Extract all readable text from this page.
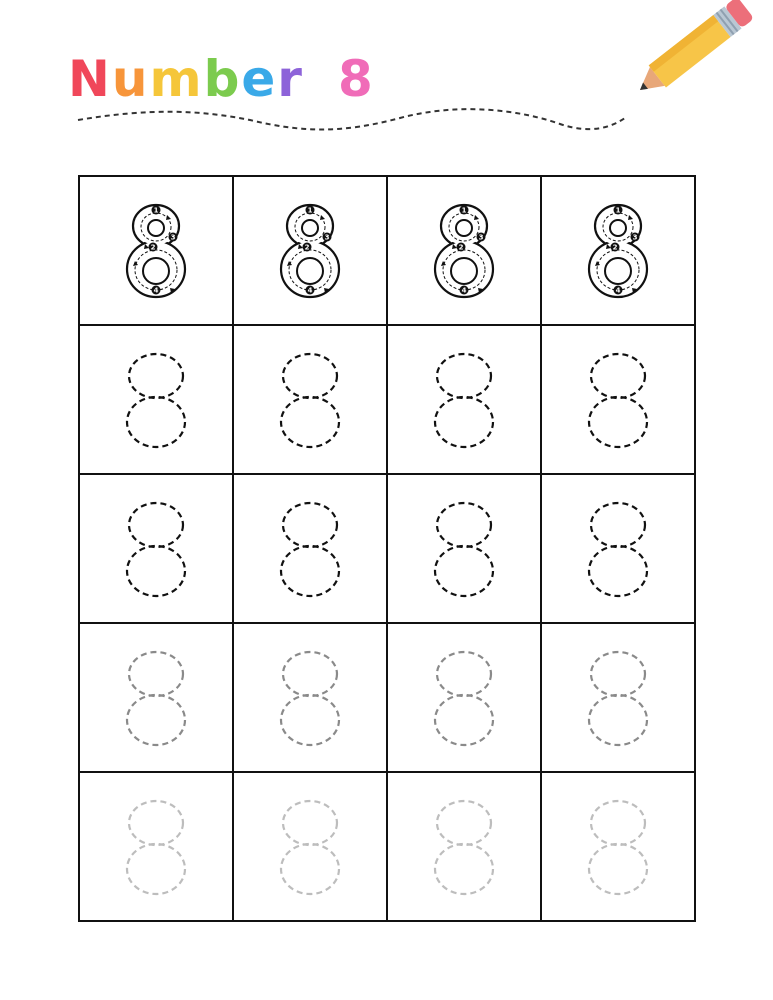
N u m b e r 8
1
2
3
4
1
2
3
4
1
2
3
4
1
2
3
4
